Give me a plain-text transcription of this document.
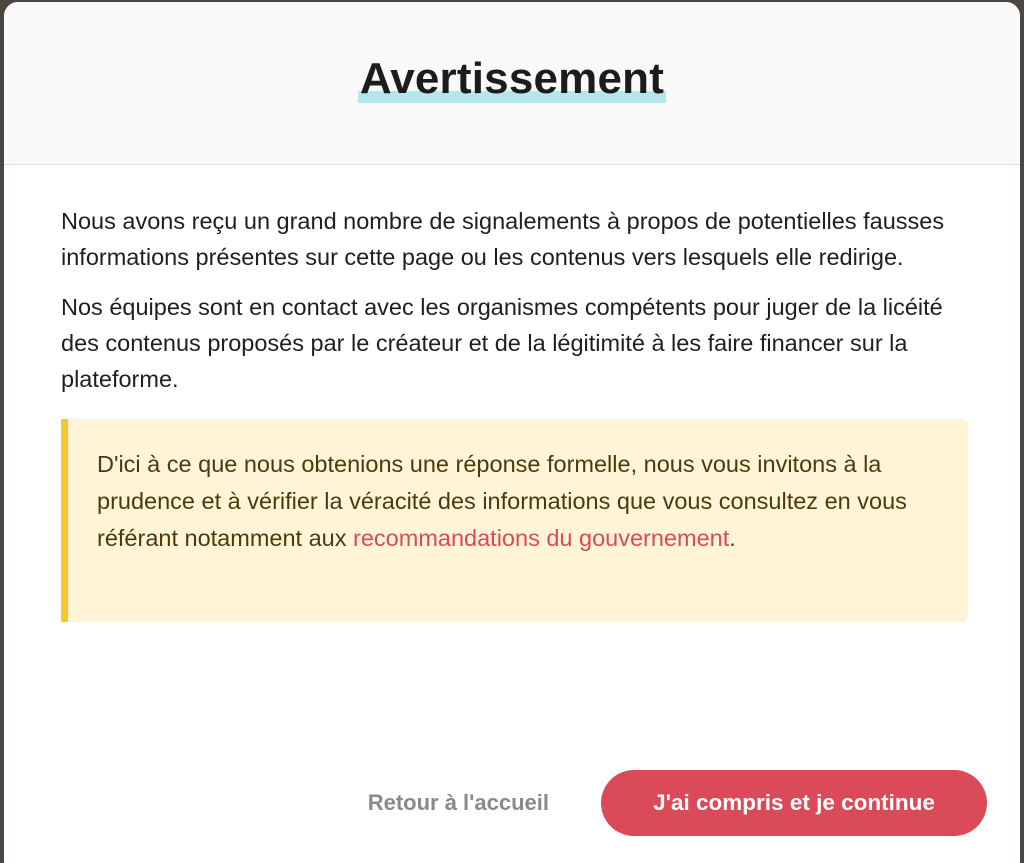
Avertissement

Nous avons reçu un grand nombre de signalements à propos de potentielles fausses informations présentes sur cette page ou les contenus vers lesquels elle redirige.

Nos équipes sont en contact avec les organismes compétents pour juger de la licéité des contenus proposés par le créateur et de la légitimité à les faire financer sur la plateforme.

D'ici à ce que nous obtenions une réponse formelle, nous vous invitons à la prudence et à vérifier la véracité des informations que vous consultez en vous référant notamment aux recommandations du gouvernement.

Retour à l'accueil	J'ai compris et je continue
